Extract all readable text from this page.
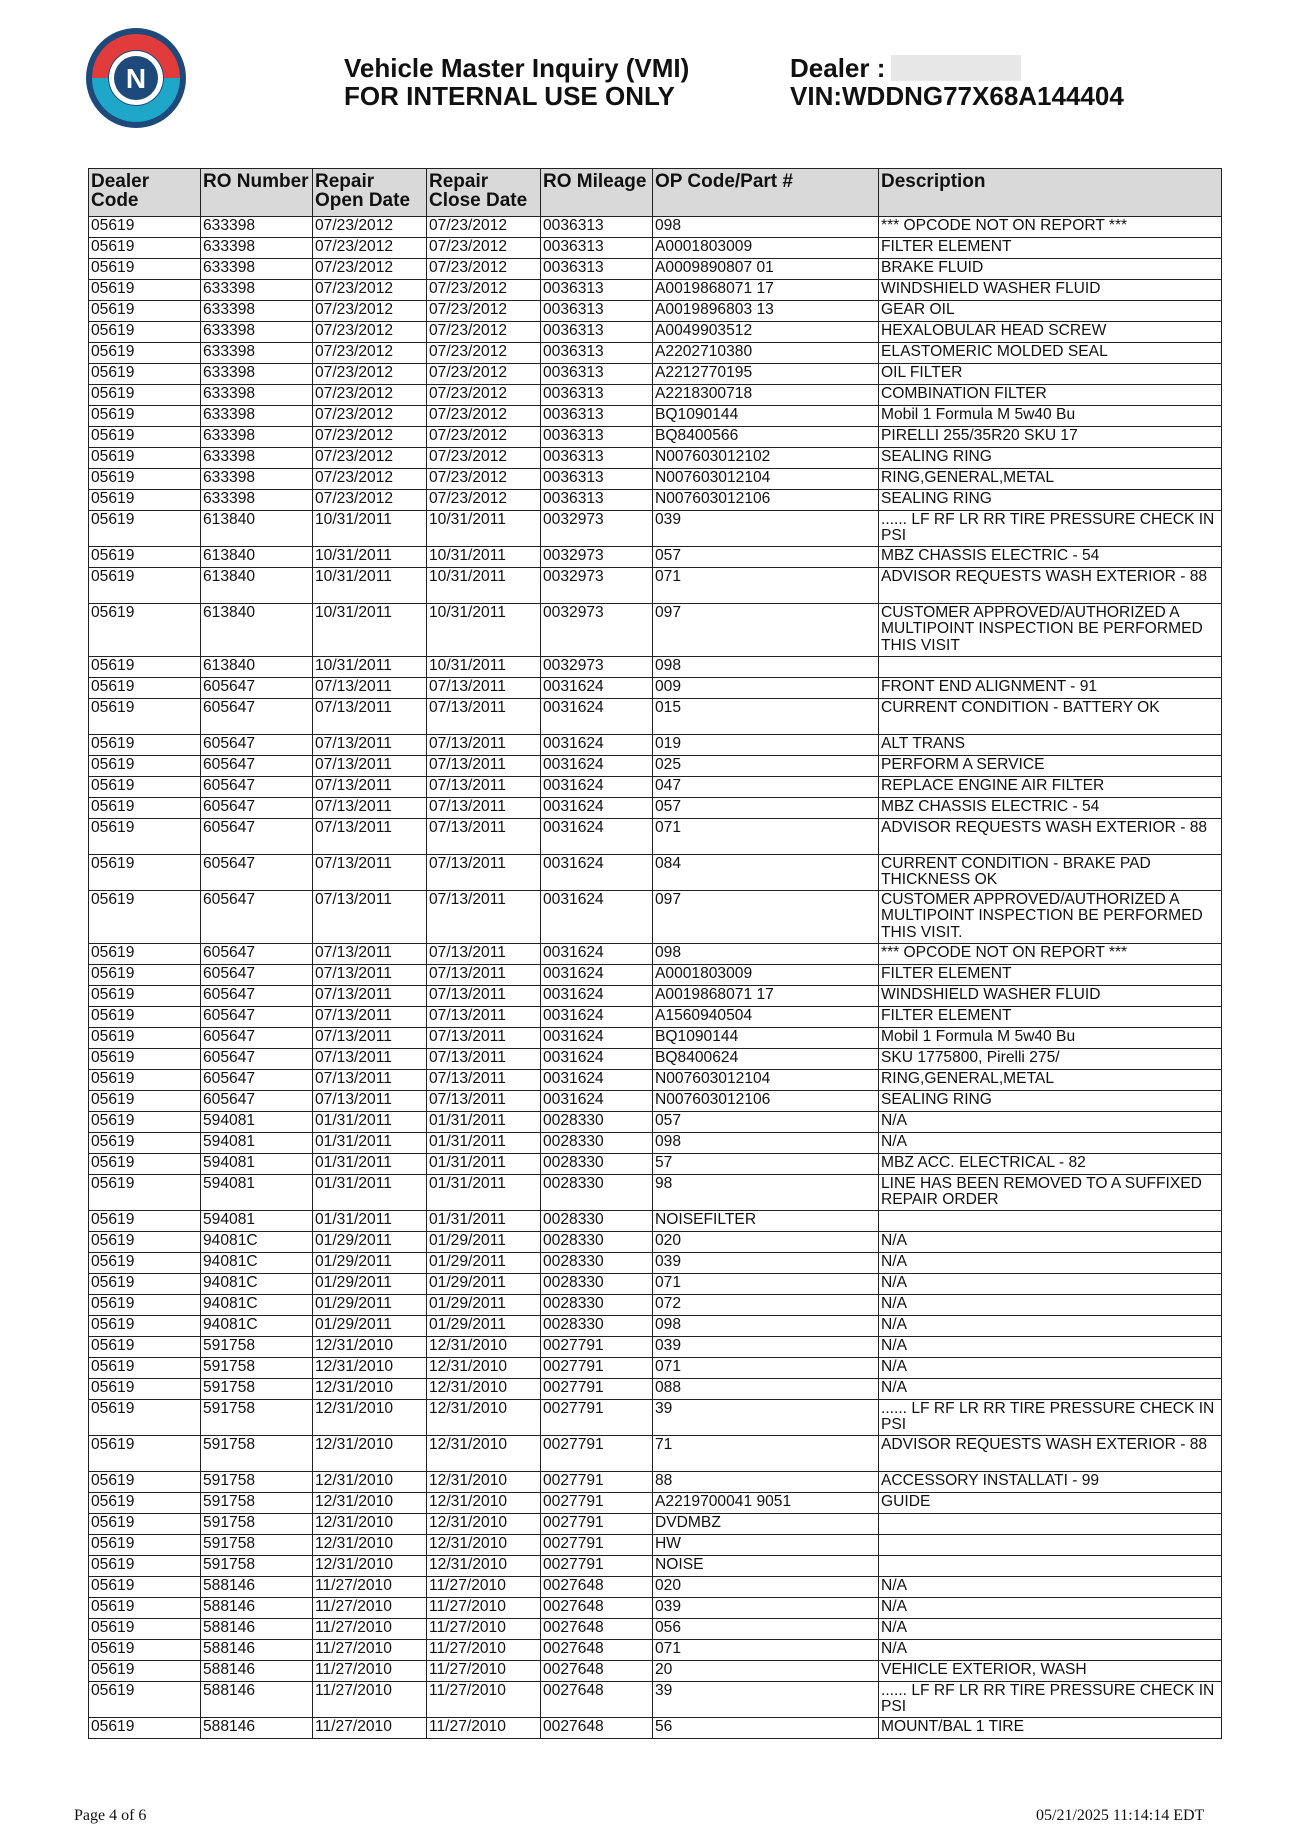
N	Vehicle Master Inquiry (VMI)
FOR INTERNAL USE ONLY
Dealer :
VIN:WDDNG77X68A144404
Dealer Code	RO Number	Repair Open Date	Repair Close Date	RO Mileage	OP Code/Part #	Description
05619	633398	07/23/2012	07/23/2012	0036313	098	*** OPCODE NOT ON REPORT ***
05619	633398	07/23/2012	07/23/2012	0036313	A0001803009	FILTER ELEMENT
05619	633398	07/23/2012	07/23/2012	0036313	A0009890807 01	BRAKE FLUID
05619	633398	07/23/2012	07/23/2012	0036313	A0019868071 17	WINDSHIELD WASHER FLUID
05619	633398	07/23/2012	07/23/2012	0036313	A0019896803 13	GEAR OIL
05619	633398	07/23/2012	07/23/2012	0036313	A0049903512	HEXALOBULAR HEAD SCREW
05619	633398	07/23/2012	07/23/2012	0036313	A2202710380	ELASTOMERIC MOLDED SEAL
05619	633398	07/23/2012	07/23/2012	0036313	A2212770195	OIL FILTER
05619	633398	07/23/2012	07/23/2012	0036313	A2218300718	COMBINATION FILTER
05619	633398	07/23/2012	07/23/2012	0036313	BQ1090144	Mobil 1 Formula M 5w40 Bu
05619	633398	07/23/2012	07/23/2012	0036313	BQ8400566	PIRELLI 255/35R20 SKU 17
05619	633398	07/23/2012	07/23/2012	0036313	N007603012102	SEALING RING
05619	633398	07/23/2012	07/23/2012	0036313	N007603012104	RING,GENERAL,METAL
05619	633398	07/23/2012	07/23/2012	0036313	N007603012106	SEALING RING
05619	613840	10/31/2011	10/31/2011	0032973	039	...... LF RF LR RR TIRE PRESSURE CHECK IN PSI
05619	613840	10/31/2011	10/31/2011	0032973	057	MBZ CHASSIS ELECTRIC - 54
05619	613840	10/31/2011	10/31/2011	0032973	071	ADVISOR REQUESTS WASH EXTERIOR - 88
05619	613840	10/31/2011	10/31/2011	0032973	097	CUSTOMER APPROVED/AUTHORIZED A MULTIPOINT INSPECTION BE PERFORMED THIS VISIT
05619	613840	10/31/2011	10/31/2011	0032973	098	
05619	605647	07/13/2011	07/13/2011	0031624	009	FRONT END ALIGNMENT - 91
05619	605647	07/13/2011	07/13/2011	0031624	015	CURRENT CONDITION - BATTERY OK
05619	605647	07/13/2011	07/13/2011	0031624	019	ALT TRANS
05619	605647	07/13/2011	07/13/2011	0031624	025	PERFORM A SERVICE
05619	605647	07/13/2011	07/13/2011	0031624	047	REPLACE ENGINE AIR FILTER
05619	605647	07/13/2011	07/13/2011	0031624	057	MBZ CHASSIS ELECTRIC - 54
05619	605647	07/13/2011	07/13/2011	0031624	071	ADVISOR REQUESTS WASH EXTERIOR - 88
05619	605647	07/13/2011	07/13/2011	0031624	084	CURRENT CONDITION - BRAKE PAD THICKNESS OK
05619	605647	07/13/2011	07/13/2011	0031624	097	CUSTOMER APPROVED/AUTHORIZED A MULTIPOINT INSPECTION BE PERFORMED THIS VISIT.
05619	605647	07/13/2011	07/13/2011	0031624	098	*** OPCODE NOT ON REPORT ***
05619	605647	07/13/2011	07/13/2011	0031624	A0001803009	FILTER ELEMENT
05619	605647	07/13/2011	07/13/2011	0031624	A0019868071 17	WINDSHIELD WASHER FLUID
05619	605647	07/13/2011	07/13/2011	0031624	A1560940504	FILTER ELEMENT
05619	605647	07/13/2011	07/13/2011	0031624	BQ1090144	Mobil 1 Formula M 5w40 Bu
05619	605647	07/13/2011	07/13/2011	0031624	BQ8400624	SKU 1775800, Pirelli 275/
05619	605647	07/13/2011	07/13/2011	0031624	N007603012104	RING,GENERAL,METAL
05619	605647	07/13/2011	07/13/2011	0031624	N007603012106	SEALING RING
05619	594081	01/31/2011	01/31/2011	0028330	057	N/A
05619	594081	01/31/2011	01/31/2011	0028330	098	N/A
05619	594081	01/31/2011	01/31/2011	0028330	57	MBZ ACC. ELECTRICAL - 82
05619	594081	01/31/2011	01/31/2011	0028330	98	LINE HAS BEEN REMOVED TO A SUFFIXED REPAIR ORDER
05619	594081	01/31/2011	01/31/2011	0028330	NOISEFILTER	
05619	94081C	01/29/2011	01/29/2011	0028330	020	N/A
05619	94081C	01/29/2011	01/29/2011	0028330	039	N/A
05619	94081C	01/29/2011	01/29/2011	0028330	071	N/A
05619	94081C	01/29/2011	01/29/2011	0028330	072	N/A
05619	94081C	01/29/2011	01/29/2011	0028330	098	N/A
05619	591758	12/31/2010	12/31/2010	0027791	039	N/A
05619	591758	12/31/2010	12/31/2010	0027791	071	N/A
05619	591758	12/31/2010	12/31/2010	0027791	088	N/A
05619	591758	12/31/2010	12/31/2010	0027791	39	...... LF RF LR RR TIRE PRESSURE CHECK IN PSI
05619	591758	12/31/2010	12/31/2010	0027791	71	ADVISOR REQUESTS WASH EXTERIOR - 88
05619	591758	12/31/2010	12/31/2010	0027791	88	ACCESSORY INSTALLATI - 99
05619	591758	12/31/2010	12/31/2010	0027791	A2219700041 9051	GUIDE
05619	591758	12/31/2010	12/31/2010	0027791	DVDMBZ	
05619	591758	12/31/2010	12/31/2010	0027791	HW	
05619	591758	12/31/2010	12/31/2010	0027791	NOISE	
05619	588146	11/27/2010	11/27/2010	0027648	020	N/A
05619	588146	11/27/2010	11/27/2010	0027648	039	N/A
05619	588146	11/27/2010	11/27/2010	0027648	056	N/A
05619	588146	11/27/2010	11/27/2010	0027648	071	N/A
05619	588146	11/27/2010	11/27/2010	0027648	20	VEHICLE EXTERIOR, WASH
05619	588146	11/27/2010	11/27/2010	0027648	39	...... LF RF LR RR TIRE PRESSURE CHECK IN PSI
05619	588146	11/27/2010	11/27/2010	0027648	56	MOUNT/BAL 1 TIRE
Page 4 of 6	05/21/2025 11:14:14 EDT
